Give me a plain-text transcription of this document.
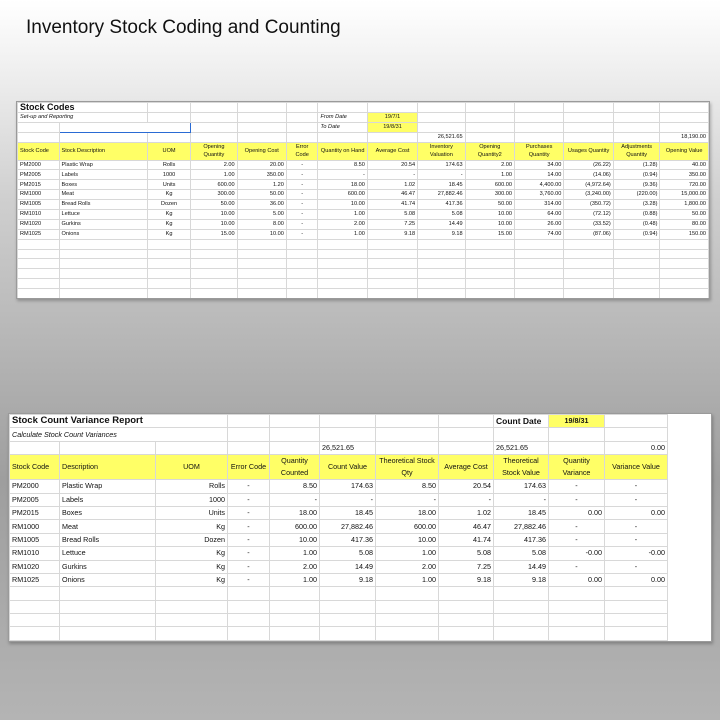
Inventory Stock Coding and Counting
Stock Codes													
Set-up and Reporting						From Date	19/7/1						
						To Date	19/8/31						
								26,521.65					18,190.00
Stock Code	Stock Description	UOM	Opening Quantity	Opening Cost	Error Code	Quantity on Hand	Average Cost	Inventory Valuation	Opening Quantity2	Purchases Quantity	Usages Quantity	Adjustments Quantity	Opening Value
PM2000	Plastic Wrap	Rolls	2.00	20.00	-	8.50	20.54	174.63	2.00	34.00	(26.22)	(1.28)	40.00
PM2005	Labels	1000	1.00	350.00	-	-	-	-	1.00	14.00	(14.06)	(0.94)	350.00
PM2015	Boxes	Units	600.00	1.20	-	18.00	1.02	18.45	600.00	4,400.00	(4,972.64)	(9.36)	720.00
RM1000	Meat	Kg	300.00	50.00	-	600.00	46.47	27,882.46	300.00	3,760.00	(3,240.00)	(220.00)	15,000.00
RM1005	Bread Rolls	Dozen	50.00	36.00	-	10.00	41.74	417.36	50.00	314.00	(350.72)	(3.28)	1,800.00
RM1010	Lettuce	Kg	10.00	5.00	-	1.00	5.08	5.08	10.00	64.00	(72.12)	(0.88)	50.00
RM1020	Gurkins	Kg	10.00	8.00	-	2.00	7.25	14.49	10.00	26.00	(33.52)	(0.48)	80.00
RM1025	Onions	Kg	15.00	10.00	-	1.00	9.18	9.18	15.00	74.00	(87.06)	(0.94)	150.00

Stock Count Variance Report								Count Date	19/8/31	
Calculate Stock Count Variances										
					26,521.65			26,521.65		0.00
Stock Code	Description	UOM	Error Code	Quantity Counted	Count Value	Theoretical Stock Qty	Average Cost	Theoretical Stock Value	Quantity Variance	Variance Value
PM2000	Plastic Wrap	Rolls	-	8.50	174.63	8.50	20.54	174.63	-	-
PM2005	Labels	1000	-	-	-	-	-	-	-	-
PM2015	Boxes	Units	-	18.00	18.45	18.00	1.02	18.45	0.00	0.00
RM1000	Meat	Kg	-	600.00	27,882.46	600.00	46.47	27,882.46	-	-
RM1005	Bread Rolls	Dozen	-	10.00	417.36	10.00	41.74	417.36	-	-
RM1010	Lettuce	Kg	-	1.00	5.08	1.00	5.08	5.08	-0.00	-0.00
RM1020	Gurkins	Kg	-	2.00	14.49	2.00	7.25	14.49	-	-
RM1025	Onions	Kg	-	1.00	9.18	1.00	9.18	9.18	0.00	0.00
